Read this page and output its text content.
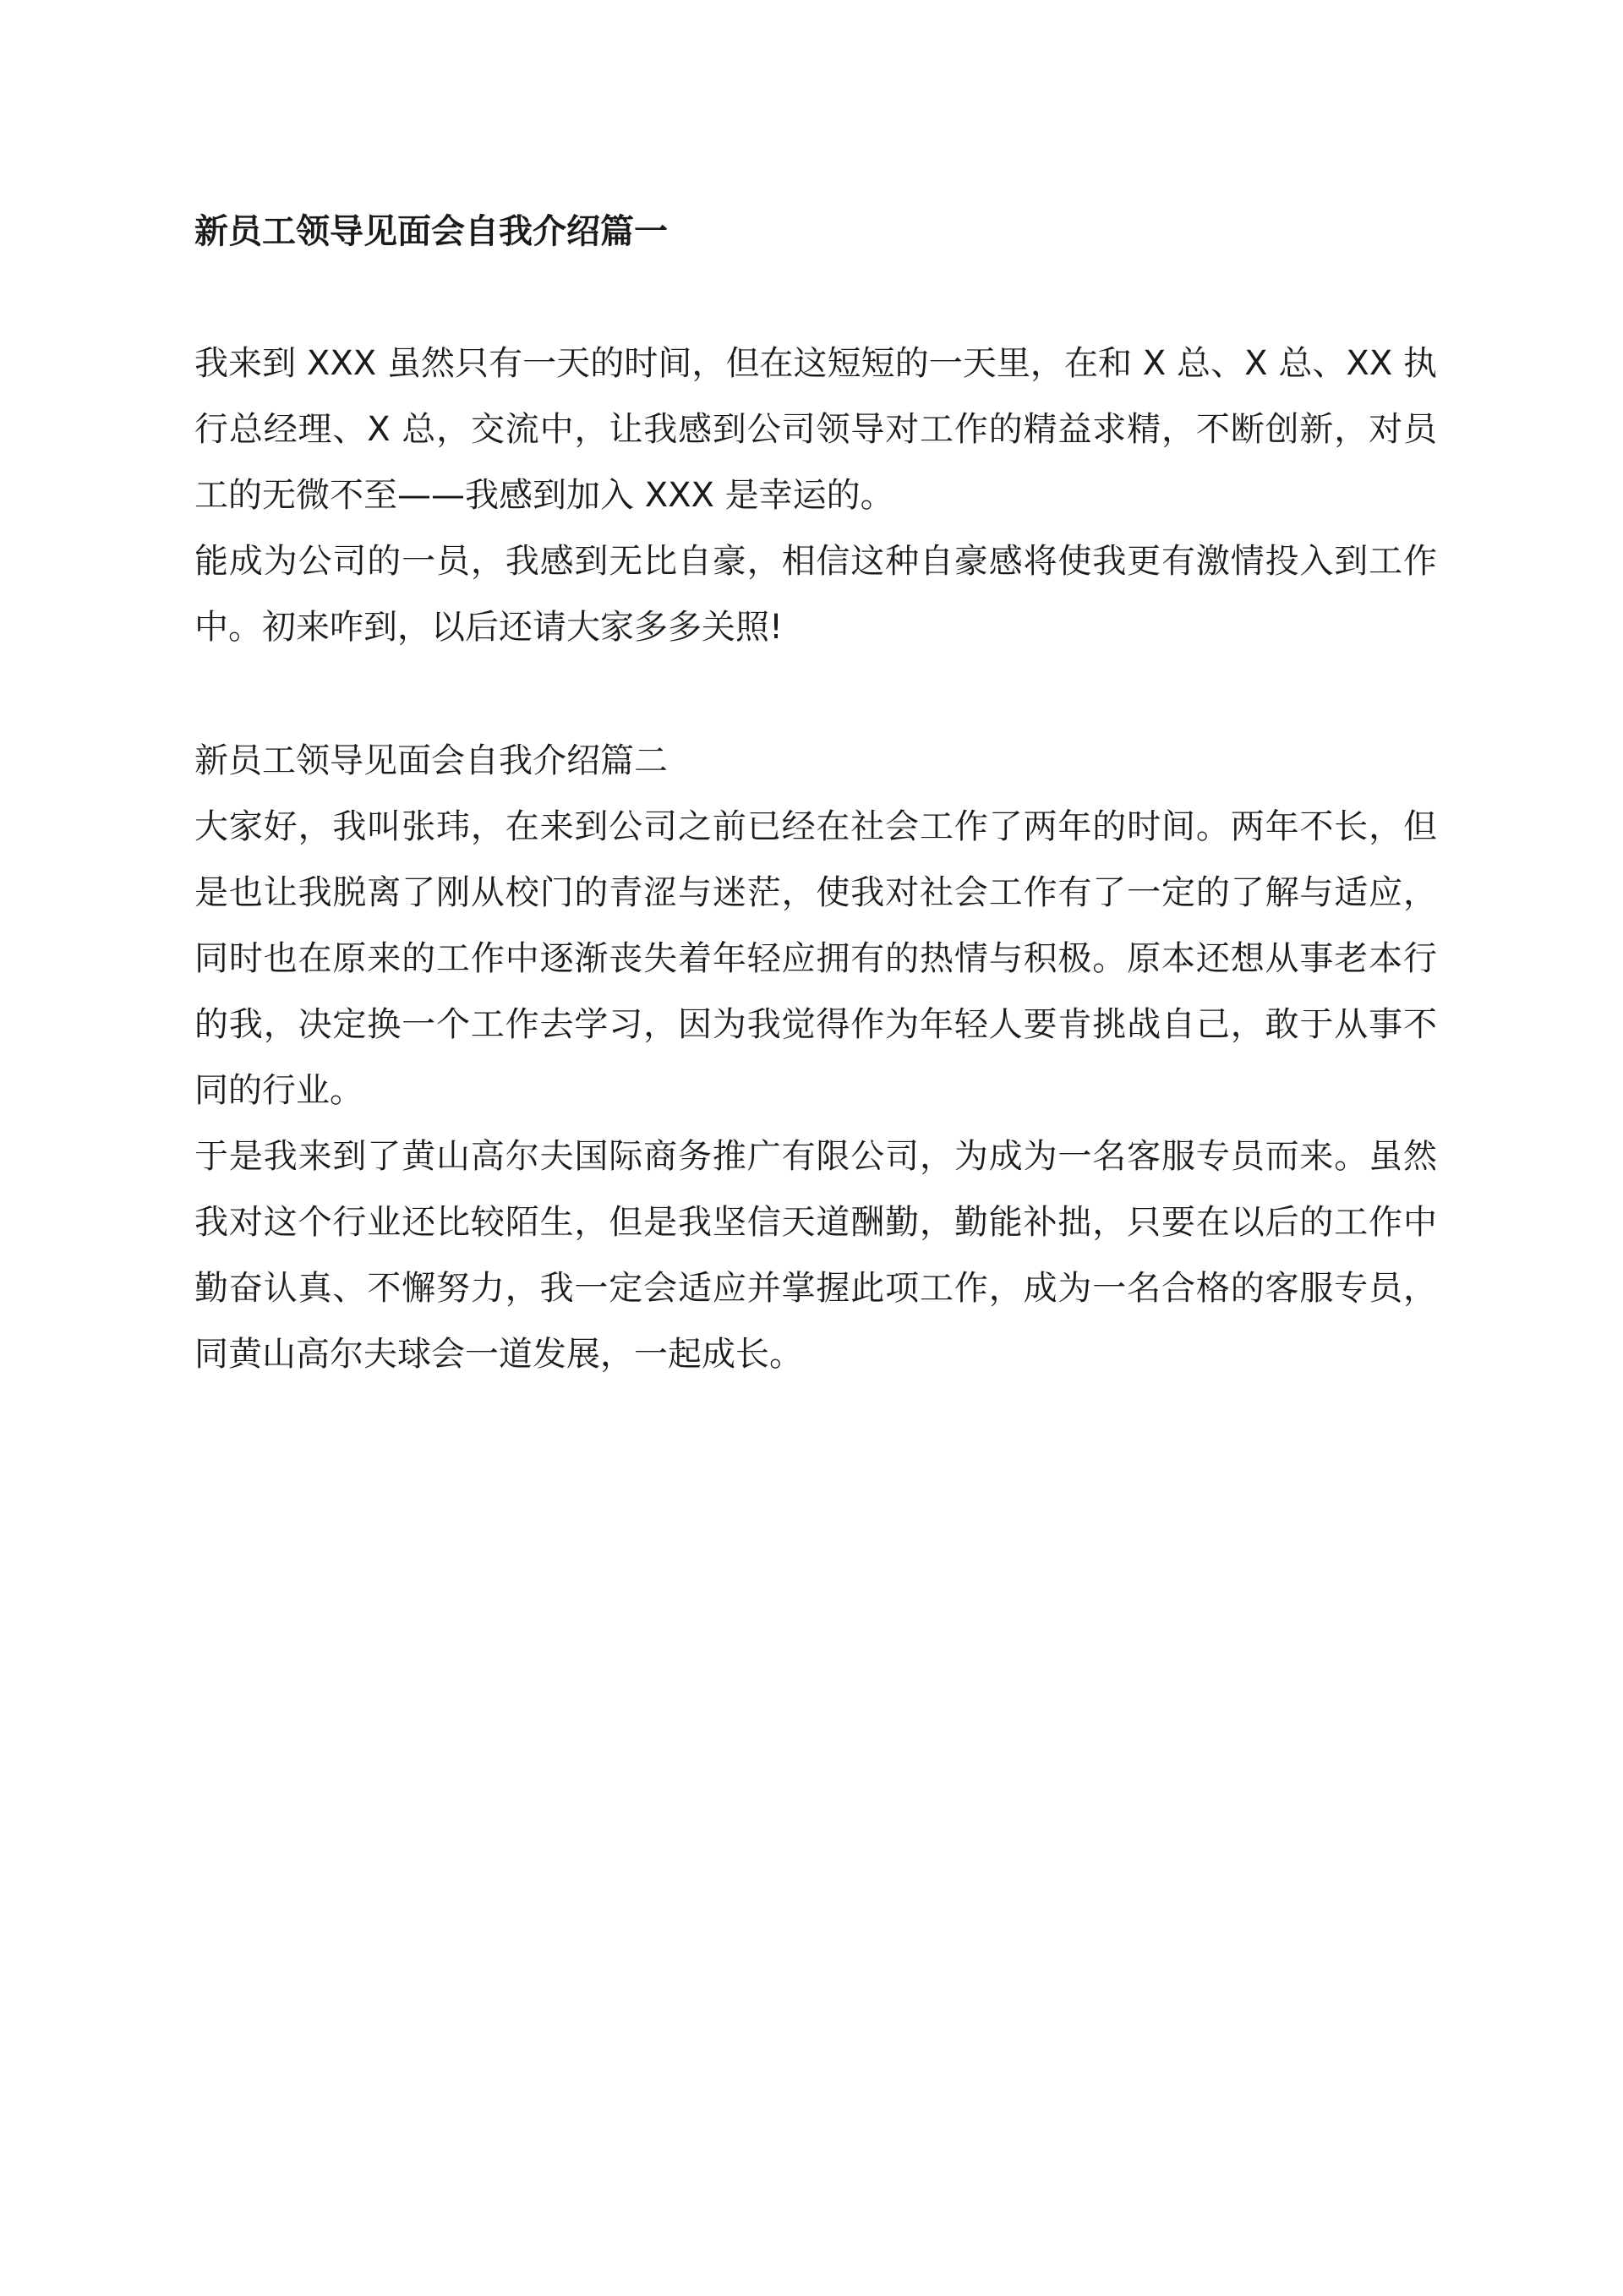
新员工领导见面会自我介绍篇一

我来到 XXX 虽然只有一天的时间，但在这短短的一天里，在和 X 总、X 总、XX 执行总经理、X 总，交流中，让我感到公司领导对工作的精益求精，不断创新，对员工的无微不至——我感到加入 XXX 是幸运的。

能成为公司的一员，我感到无比自豪，相信这种自豪感将使我更有激情投入到工作中。初来咋到，以后还请大家多多关照!

新员工领导见面会自我介绍篇二

大家好，我叫张玮，在来到公司之前已经在社会工作了两年的时间。两年不长，但是也让我脱离了刚从校门的青涩与迷茫，使我对社会工作有了一定的了解与适应，同时也在原来的工作中逐渐丧失着年轻应拥有的热情与积极。原本还想从事老本行的我，决定换一个工作去学习，因为我觉得作为年轻人要肯挑战自己，敢于从事不同的行业。

于是我来到了黄山高尔夫国际商务推广有限公司，为成为一名客服专员而来。虽然我对这个行业还比较陌生，但是我坚信天道酬勤，勤能补拙，只要在以后的工作中勤奋认真、不懈努力，我一定会适应并掌握此项工作，成为一名合格的客服专员，同黄山高尔夫球会一道发展，一起成长。
